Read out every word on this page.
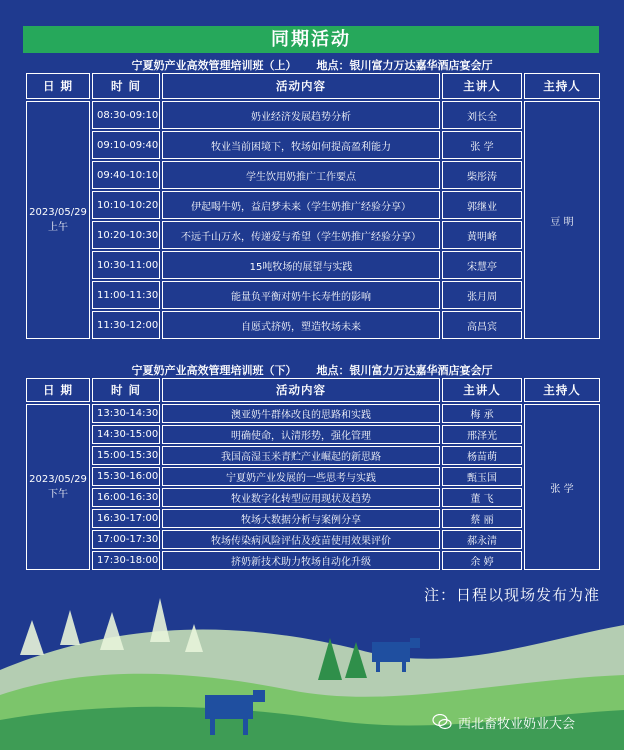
同期活动
宁夏奶产业高效管理培训班（上） 地点：银川富力万达嘉华酒店宴会厅
日 期	时 间	活动内容	主讲人	主持人

2023/05/29
上午	08:30-09:10	奶业经济发展趋势分析	刘长全	豆 明
	09:10-09:40	牧业当前困境下，牧场如何提高盈利能力	张 学	
	09:40-10:10	学生饮用奶推广工作要点	柴彤涛	
	10:10-10:20	伊起喝牛奶，益启梦未来（学生奶推广经验分享）	郭继业	
	10:20-10:30	不远千山万水，传递爱与希望（学生奶推广经验分享）	黄明峰	
	10:30-11:00	15吨牧场的展望与实践	宋慧亭	
	11:00-11:30	能量负平衡对奶牛长寿性的影响	张月周	
	11:30-12:00	自愿式挤奶，塑造牧场未来	高昌宾	
宁夏奶产业高效管理培训班（下） 地点：银川富力万达嘉华酒店宴会厅
日 期	时 间	活动内容	主讲人	主持人

2023/05/29
下午	13:30-14:30	澳亚奶牛群体改良的思路和实践	梅 承	张 学
	14:30-15:00	明确使命，认清形势，强化管理	邢泽光	
	15:00-15:30	我国高湿玉米青贮产业崛起的新思路	杨苗萌	
	15:30-16:00	宁夏奶产业发展的一些思考与实践	甄玉国	
	16:00-16:30	牧业数字化转型应用现状及趋势	董 飞	
	16:30-17:00	牧场大数据分析与案例分享	蔡 丽	
	17:00-17:30	牧场传染病风险评估及疫苗使用效果评价	郝永清	
	17:30-18:00	挤奶新技术助力牧场自动化升级	余 婷	
注：日程以现场发布为准
西北畜牧业奶业大会
